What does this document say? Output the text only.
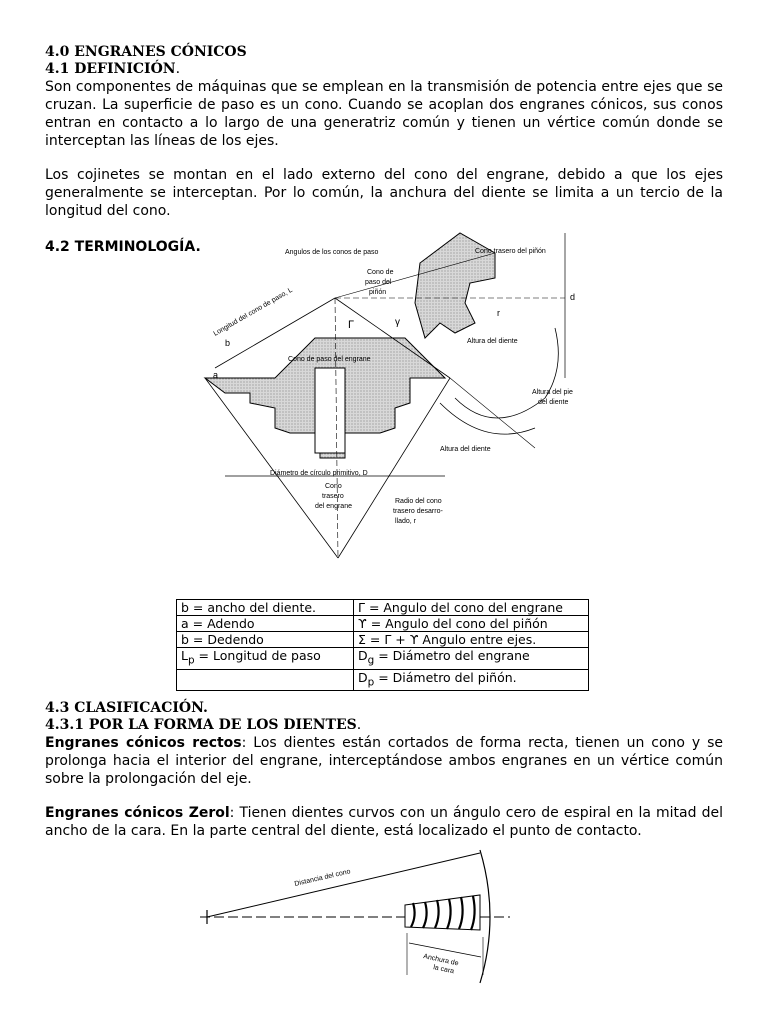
4.0 ENGRANES CÓNICOS
4.1 DEFINICIÓN.

Son componentes de máquinas que se emplean en la transmisión de potencia entre ejes que se cruzan. La superficie de paso es un cono. Cuando se acoplan dos engranes cónicos, sus conos entran en contacto a lo largo de una generatriz común y tienen un vértice común donde se interceptan las líneas de los ejes.

Los cojinetes se montan en el lado externo del cono del engrane, debido a que los ejes generalmente se interceptan. Por lo común, la anchura del diente se limita a un tercio de la longitud del cono.

4.2 TERMINOLOGÍA.	Angulos de los conos de paso	Cono trasero del piñón
Cono de
paso del
piñón
Longitud del cono de paso, L
Cono de paso del engrane
Altura del diente
Altura del pie
del diente
Altura del diente
Diámetro de círculo primitivo, D
Cono
trasero
del engrane
Radio del cono
trasero desarro-
llado, r
Γ	γ
b
a
d
r
b = ancho del diente.	Γ = Angulo del cono del engrane
a = Adendo	ϒ = Angulo del cono del piñón
b = Dedendo	Σ = Γ + ϒ Angulo entre ejes.
$L_p$ = Longitud de paso	$D_g$ = Diámetro del engrane
	$D_p$ = Diámetro del piñón.
4.3 CLASIFICACIÓN.
4.3.1 POR LA FORMA DE LOS DIENTES.

Engranes cónicos rectos: Los dientes están cortados de forma recta, tienen un cono y se prolonga hacia el interior del engrane, interceptándose ambos engranes en un vértice común sobre la prolongación del eje.

Engranes cónicos Zerol: Tienen dientes curvos con un ángulo cero de espiral en la mitad del ancho de la cara. En la parte central del diente, está localizado el punto de contacto.

Distancia del cono
Anchura de
la cara
